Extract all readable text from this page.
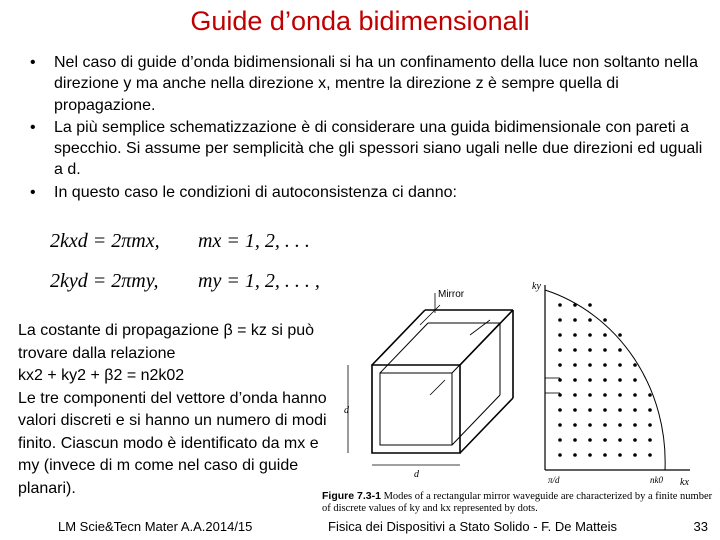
Guide d’onda bidimensionali
• Nel caso di guide d’onda bidimensionali si ha un confinamento della luce non soltanto nella direzione y ma anche nella direzione x, mentre la direzione z è sempre quella di propagazione.
• La più semplice schematizzazione è di considerare una guida bidimensionale con pareti a specchio. Si assume per semplicità che gli spessori siano ugali nelle due direzioni ed uguali a d.
• In questo caso le condizioni di autoconsistenza ci danno:
2kxd = 2πmx, mx = 1, 2, . . .
2kyd = 2πmy, my = 1, 2, . . . ,
La costante di propagazione β = kz si può trovare dalla relazione
kx2 + ky2 + β2 = n2k02
Le tre componenti del vettore d’onda hanno valori discreti e si hanno un numero di modi finito. Ciascun modo è identificato da mx e my (invece di m come nel caso di guide planari).
Mirror
d
d
ky
kx
π/d	nk0
Figure 7.3-1 Modes of a rectangular mirror waveguide are characterized by a finite number of discrete values of ky and kx represented by dots.
LM Scie&Tecn Mater A.A.2014/15	Fisica dei Dispositivi a Stato Solido - F. De Matteis	33
